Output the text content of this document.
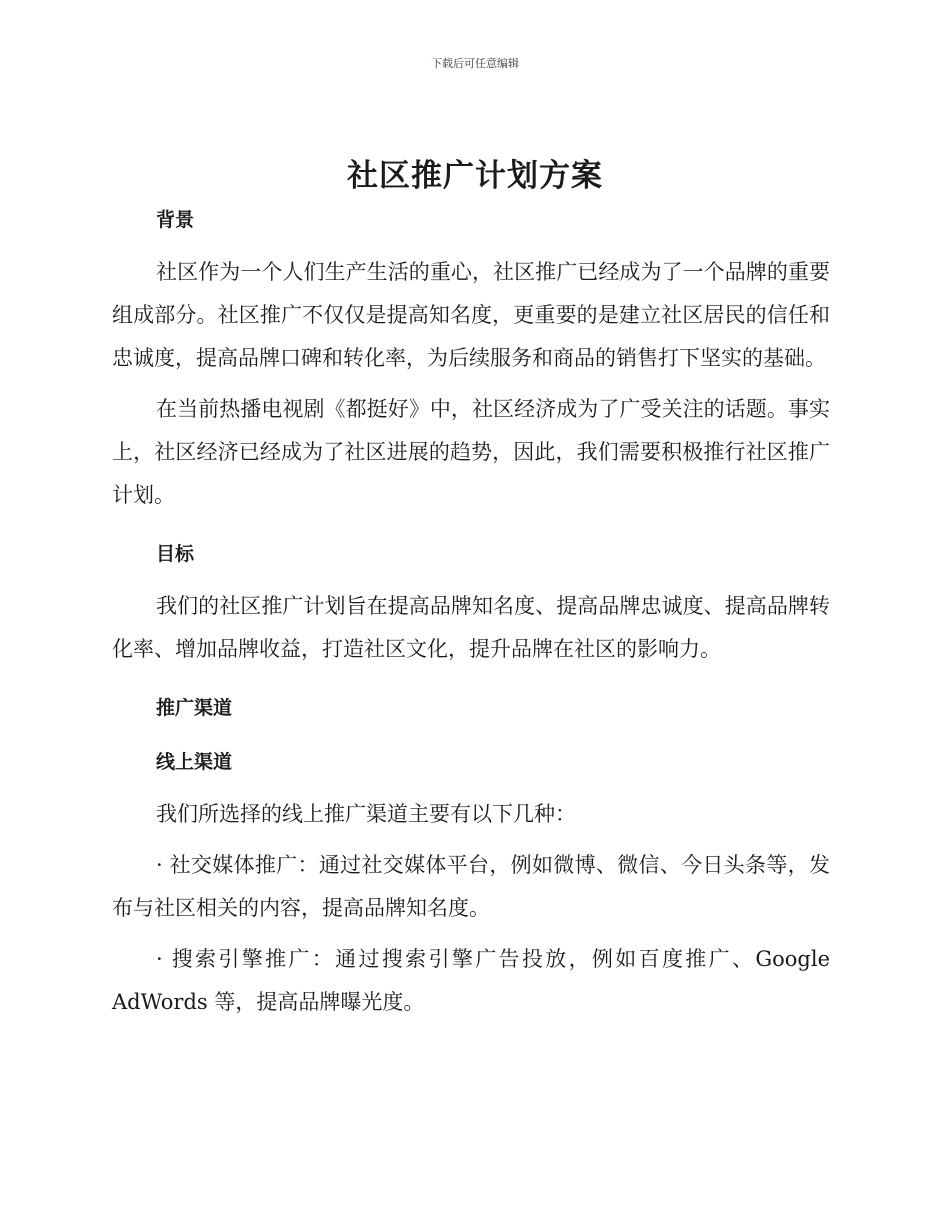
下载后可任意编辑
社区推广计划方案

背景

社区作为一个人们生产生活的重心，社区推广已经成为了一个品牌的重要组成部分。社区推广不仅仅是提高知名度，更重要的是建立社区居民的信任和忠诚度，提高品牌口碑和转化率，为后续服务和商品的销售打下坚实的基础。

在当前热播电视剧《都挺好》中，社区经济成为了广受关注的话题。事实上，社区经济已经成为了社区进展的趋势，因此，我们需要积极推行社区推广计划。

目标

我们的社区推广计划旨在提高品牌知名度、提高品牌忠诚度、提高品牌转化率、增加品牌收益，打造社区文化，提升品牌在社区的影响力。

推广渠道

线上渠道

我们所选择的线上推广渠道主要有以下几种：

· 社交媒体推广：通过社交媒体平台，例如微博、微信、今日头条等，发布与社区相关的内容，提高品牌知名度。

· 搜索引擎推广：通过搜索引擎广告投放，例如百度推广、Google AdWords 等，提高品牌曝光度。
